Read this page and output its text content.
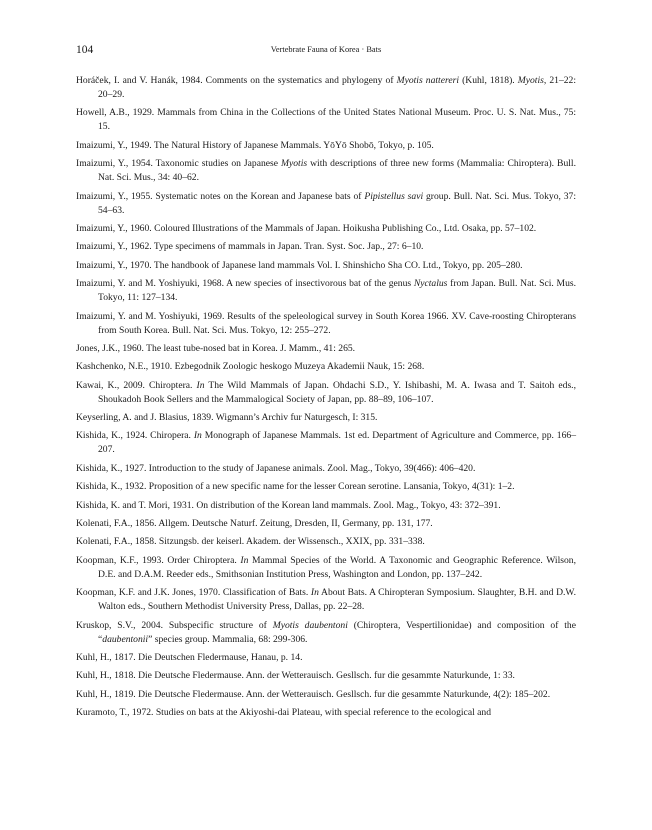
104	Vertebrate Fauna of Korea · Bats
Horáček, I. and V. Hanák, 1984. Comments on the systematics and phylogeny of Myotis nattereri (Kuhl, 1818). Myotis, 21–22: 20–29.
Howell, A.B., 1929. Mammals from China in the Collections of the United States National Museum. Proc. U. S. Nat. Mus., 75: 15.
Imaizumi, Y., 1949. The Natural History of Japanese Mammals. YōYō Shobō, Tokyo, p. 105.
Imaizumi, Y., 1954. Taxonomic studies on Japanese Myotis with descriptions of three new forms (Mammalia: Chiroptera). Bull. Nat. Sci. Mus., 34: 40–62.
Imaizumi, Y., 1955. Systematic notes on the Korean and Japanese bats of Pipistellus savi group. Bull. Nat. Sci. Mus. Tokyo, 37: 54–63.
Imaizumi, Y., 1960. Coloured Illustrations of the Mammals of Japan. Hoikusha Publishing Co., Ltd. Osaka, pp. 57–102.
Imaizumi, Y., 1962. Type specimens of mammals in Japan. Tran. Syst. Soc. Jap., 27: 6–10.
Imaizumi, Y., 1970. The handbook of Japanese land mammals Vol. I. Shinshicho Sha CO. Ltd., Tokyo, pp. 205–280.
Imaizumi, Y. and M. Yoshiyuki, 1968. A new species of insectivorous bat of the genus Nyctalus from Japan. Bull. Nat. Sci. Mus. Tokyo, 11: 127–134.
Imaizumi, Y. and M. Yoshiyuki, 1969. Results of the speleological survey in South Korea 1966. XV. Cave-roosting Chiropterans from South Korea. Bull. Nat. Sci. Mus. Tokyo, 12: 255–272.
Jones, J.K., 1960. The least tube-nosed bat in Korea. J. Mamm., 41: 265.
Kashchenko, N.E., 1910. Ezbegodnik Zoologic heskogo Muzeya Akademii Nauk, 15: 268.
Kawai, K., 2009. Chiroptera. In The Wild Mammals of Japan. Ohdachi S.D., Y. Ishibashi, M. A. Iwasa and T. Saitoh eds., Shoukadoh Book Sellers and the Mammalogical Society of Japan, pp. 88–89, 106–107.
Keyserling, A. and J. Blasius, 1839. Wigmann’s Archiv fur Naturgesch, I: 315.
Kishida, K., 1924. Chiropera. In Monograph of Japanese Mammals. 1st ed. Department of Agriculture and Commerce, pp. 166–207.
Kishida, K., 1927. Introduction to the study of Japanese animals. Zool. Mag., Tokyo, 39(466): 406–420.
Kishida, K., 1932. Proposition of a new specific name for the lesser Corean serotine. Lansania, Tokyo, 4(31): 1–2.
Kishida, K. and T. Mori, 1931. On distribution of the Korean land mammals. Zool. Mag., Tokyo, 43: 372–391.
Kolenati, F.A., 1856. Allgem. Deutsche Naturf. Zeitung, Dresden, II, Germany, pp. 131, 177.
Kolenati, F.A., 1858. Sitzungsb. der keiserl. Akadem. der Wissensch., XXIX, pp. 331–338.
Koopman, K.F., 1993. Order Chiroptera. In Mammal Species of the World. A Taxonomic and Geographic Reference. Wilson, D.E. and D.A.M. Reeder eds., Smithsonian Institution Press, Washington and London, pp. 137–242.
Koopman, K.F. and J.K. Jones, 1970. Classification of Bats. In About Bats. A Chiropteran Symposium. Slaughter, B.H. and D.W. Walton eds., Southern Methodist University Press, Dallas, pp. 22–28.
Kruskop, S.V., 2004. Subspecific structure of Myotis daubentoni (Chiroptera, Vespertilionidae) and composition of the “daubentonii” species group. Mammalia, 68: 299-306.
Kuhl, H., 1817. Die Deutschen Fledermause, Hanau, p. 14.
Kuhl, H., 1818. Die Deutsche Fledermause. Ann. der Wetterauisch. Gesllsch. fur die gesammte Naturkunde, 1: 33.
Kuhl, H., 1819. Die Deutsche Fledermause. Ann. der Wetterauisch. Gesllsch. fur die gesammte Naturkunde, 4(2): 185–202.
Kuramoto, T., 1972. Studies on bats at the Akiyoshi-dai Plateau, with special reference to the ecological and
